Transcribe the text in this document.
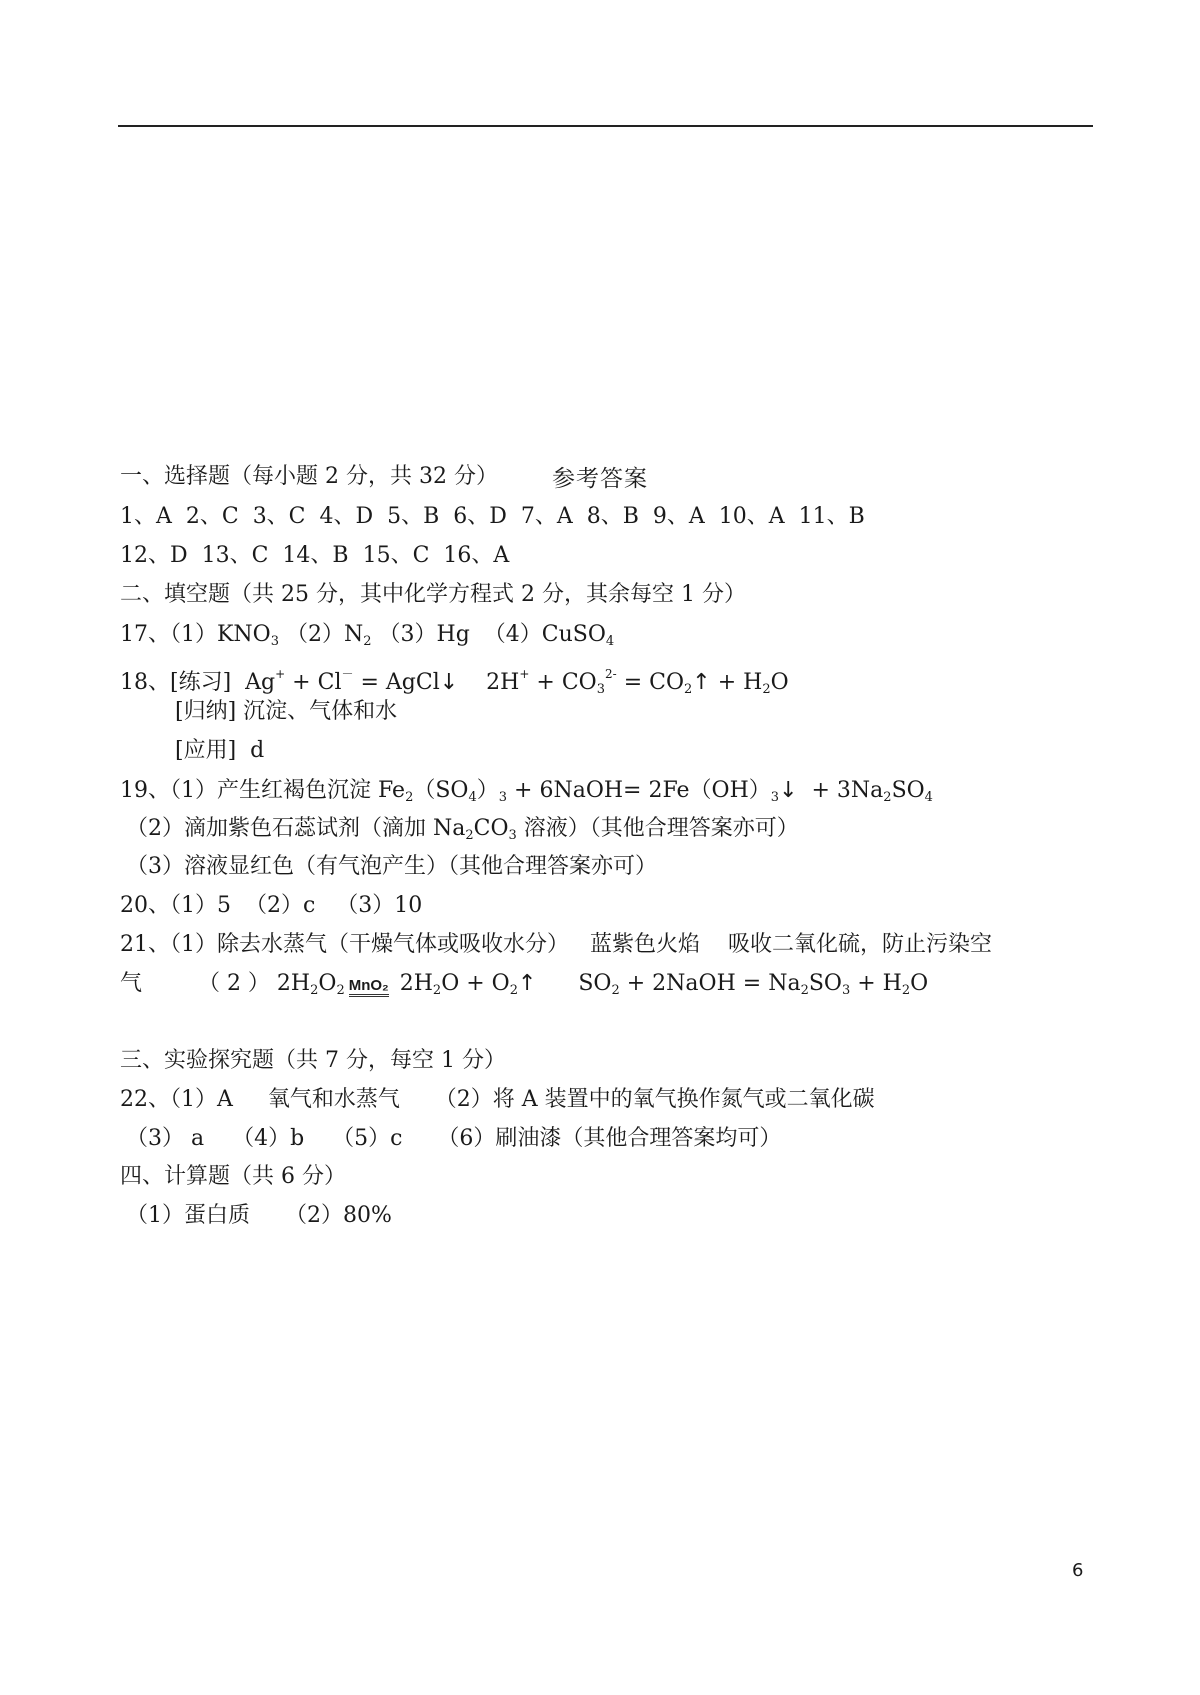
参考答案
一、选择题（每小题 2 分，共 32 分）
1、A  2、C  3、C  4、D  5、B  6、D  7、A  8、B  9、A  10、A  11、B
12、D  13、C  14、B  15、C  16、A
二、填空题（共 25 分，其中化学方程式 2 分，其余每空 1 分）
17、$(1)KNO_3$ $(2)N_2$ （3）Hg  （4）CuSO$_4$
18、[练习]  Ag+ + Cl－ = AgCl↓    $2H^+ + CO_3^{2-}$ = $CO_2↑ + H_2O$
[归纳] 沉淀、气体和水
[应用]  d
19、（1）产生红褐色沉淀 $Fe_2(SO_4)_3$ + 6NaOH= $2Fe(OH)_3↓ + 3Na_2SO_4$
（2）滴加紫色石蕊试剂（滴加 $Na_2CO_3$ 溶液）（其他合理答案亦可）
（3）溶液显红色（有气泡产生）（其他合理答案亦可）
20、（1）5  （2）c   （3）10
21、（1）除去水蒸气（干燥气体或吸收水分）   蓝紫色火焰    吸收二氧化硫，防止污染空
气        （ 2 ） $2H_2O_2$ MnO₂ $2H_2O$ + $O_2↑$      $SO_2$ + 2NaOH = $Na_2SO_3 + H_2O$
三、实验探究题（共 7 分，每空 1 分）
22、（1）A     氧气和水蒸气     （2）将 A 装置中的氧气换作氮气或二氧化碳
（3） a    （4）b    （5）c     （6）刷油漆（其他合理答案均可）
四、计算题（共 6 分）
（1）蛋白质     （2）80%
6
